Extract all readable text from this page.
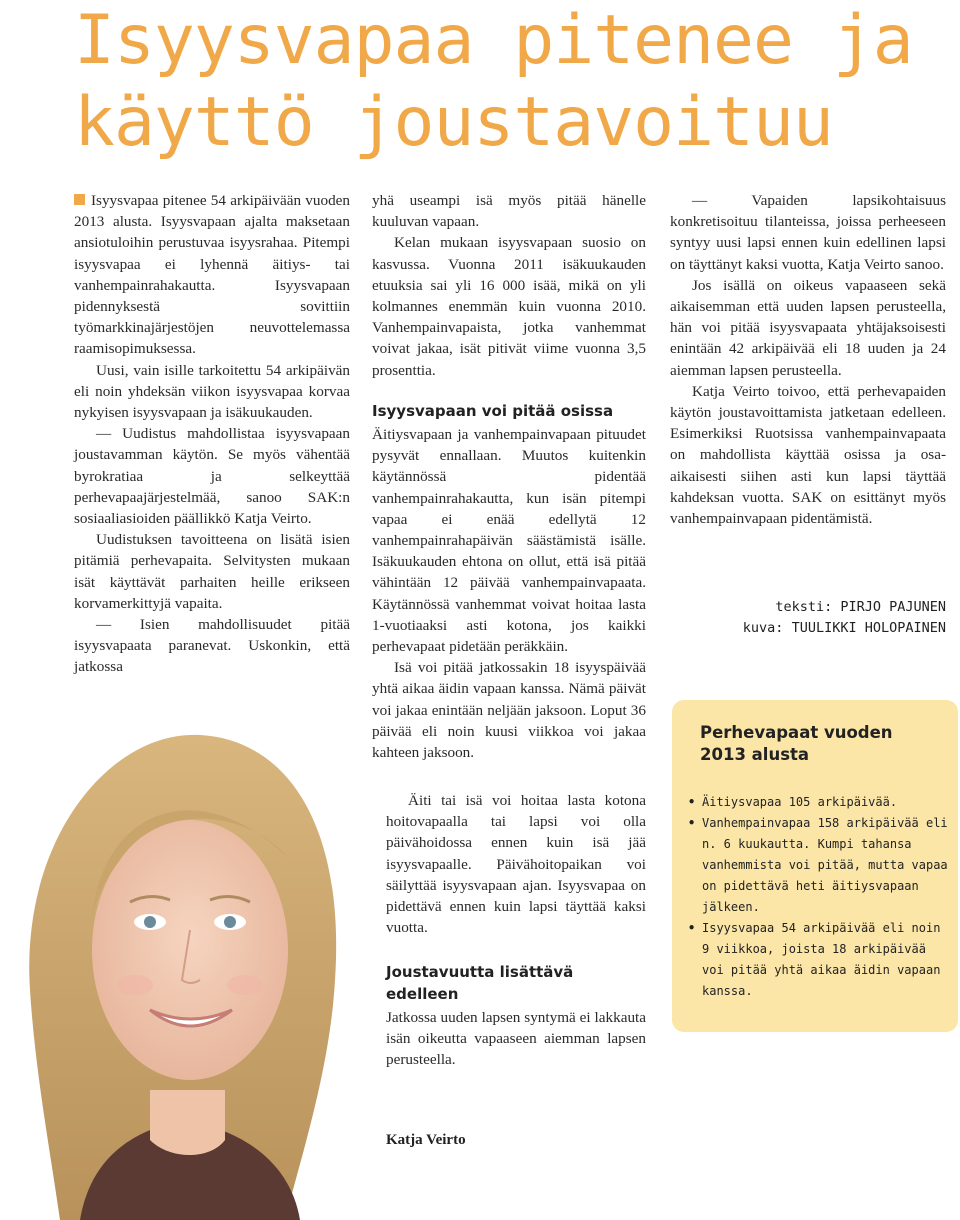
Isyysvapaa pitenee ja
käyttö joustavoituu

Isyysvapaa pitenee 54 arkipäivään vuoden 2013 alusta. Isyysvapaan ajalta maksetaan ansiotuloihin perustuvaa isyysrahaa. Pitempi isyysvapaa ei lyhennä äitiys- tai vanhempainrahakautta. Isyysvapaan pidennyksestä sovittiin työmarkkinajärjestöjen neuvottelemassa raamisopimuksessa.

Uusi, vain isille tarkoitettu 54 arkipäivän eli noin yhdeksän viikon isyysvapaa korvaa nykyisen isyysvapaan ja isäkuukauden.

— Uudistus mahdollistaa isyysvapaan joustavamman käytön. Se myös vähentää byrokratiaa ja selkeyttää perhevapaajärjestelmää, sanoo SAK:n sosiaaliasioiden päällikkö Katja Veirto.

Uudistuksen tavoitteena on lisätä isien pitämiä perhevapaita. Selvitysten mukaan isät käyttävät parhaiten heille erikseen korvamerkittyjä vapaita.

— Isien mahdollisuudet pitää isyysvapaata paranevat. Uskonkin, että jatkossa

yhä useampi isä myös pitää hänelle kuuluvan vapaan.

Kelan mukaan isyysvapaan suosio on kasvussa. Vuonna 2011 isäkuukauden etuuksia sai yli 16 000 isää, mikä on yli kolmannes enemmän kuin vuonna 2010. Vanhempainvapaista, jotka vanhemmat voivat jakaa, isät pitivät viime vuonna 3,5 prosenttia.

Isyysvapaan voi pitää osissa

Äitiysvapaan ja vanhempainvapaan pituudet pysyvät ennallaan. Muutos kuitenkin käytännössä pidentää vanhempainrahakautta, kun isän pitempi vapaa ei enää edellytä 12 vanhempainrahapäivän säästämistä isälle. Isäkuukauden ehtona on ollut, että isä pitää vähintään 12 päivää vanhempainvapaata. Käytännössä vanhemmat voivat hoitaa lasta 1-vuotiaaksi asti kotona, jos kaikki perhevapaat pidetään peräkkäin.

Isä voi pitää jatkossakin 18 isyyspäivää yhtä aikaa äidin vapaan kanssa. Nämä päivät voi jakaa enintään neljään jaksoon. Loput 36 päivää eli noin kuusi viikkoa voi jakaa kahteen jaksoon.

Äiti tai isä voi hoitaa lasta kotona hoitovapaalla tai lapsi voi olla päivähoidossa ennen kuin isä jää isyysvapaalle. Päivähoitopaikan voi säilyttää isyysvapaan ajan. Isyysvapaa on pidettävä ennen kuin lapsi täyttää kaksi vuotta.

Joustavuutta lisättävä edelleen

Jatkossa uuden lapsen syntymä ei lakkauta isän oikeutta vapaaseen aiemman lapsen perusteella.

— Vapaiden lapsikohtaisuus konkretisoituu tilanteissa, joissa perheeseen syntyy uusi lapsi ennen kuin edellinen lapsi on täyttänyt kaksi vuotta, Katja Veirto sanoo.

Jos isällä on oikeus vapaaseen sekä aikaisemman että uuden lapsen perusteella, hän voi pitää isyysvapaata yhtäjaksoisesti enintään 42 arkipäivää eli 18 uuden ja 24 aiemman lapsen perusteella.

Katja Veirto toivoo, että perhevapaiden käytön joustavoittamista jatketaan edelleen. Esimerkiksi Ruotsissa vanhempainvapaata on mahdollista käyttää osissa ja osa-aikaisesti siihen asti kun lapsi täyttää kahdeksan vuotta. SAK on esittänyt myös vanhempainvapaan pidentämistä.

teksti: PIRJO PAJUNEN
kuva: TUULIKKI HOLOPAINEN
Katja Veirto

Perhevapaat vuoden 2013 alusta

• Äitiysvapaa 105 arkipäivää.
• Vanhempainvapaa 158 arkipäivää eli n. 6 kuukautta. Kumpi tahansa vanhemmista voi pitää, mutta vapaa on pidettävä heti äitiysvapaan jälkeen.
• Isyysvapaa 54 arkipäivää eli noin 9 viikkoa, joista 18 arkipäivää voi pitää yhtä aikaa äidin vapaan kanssa.
